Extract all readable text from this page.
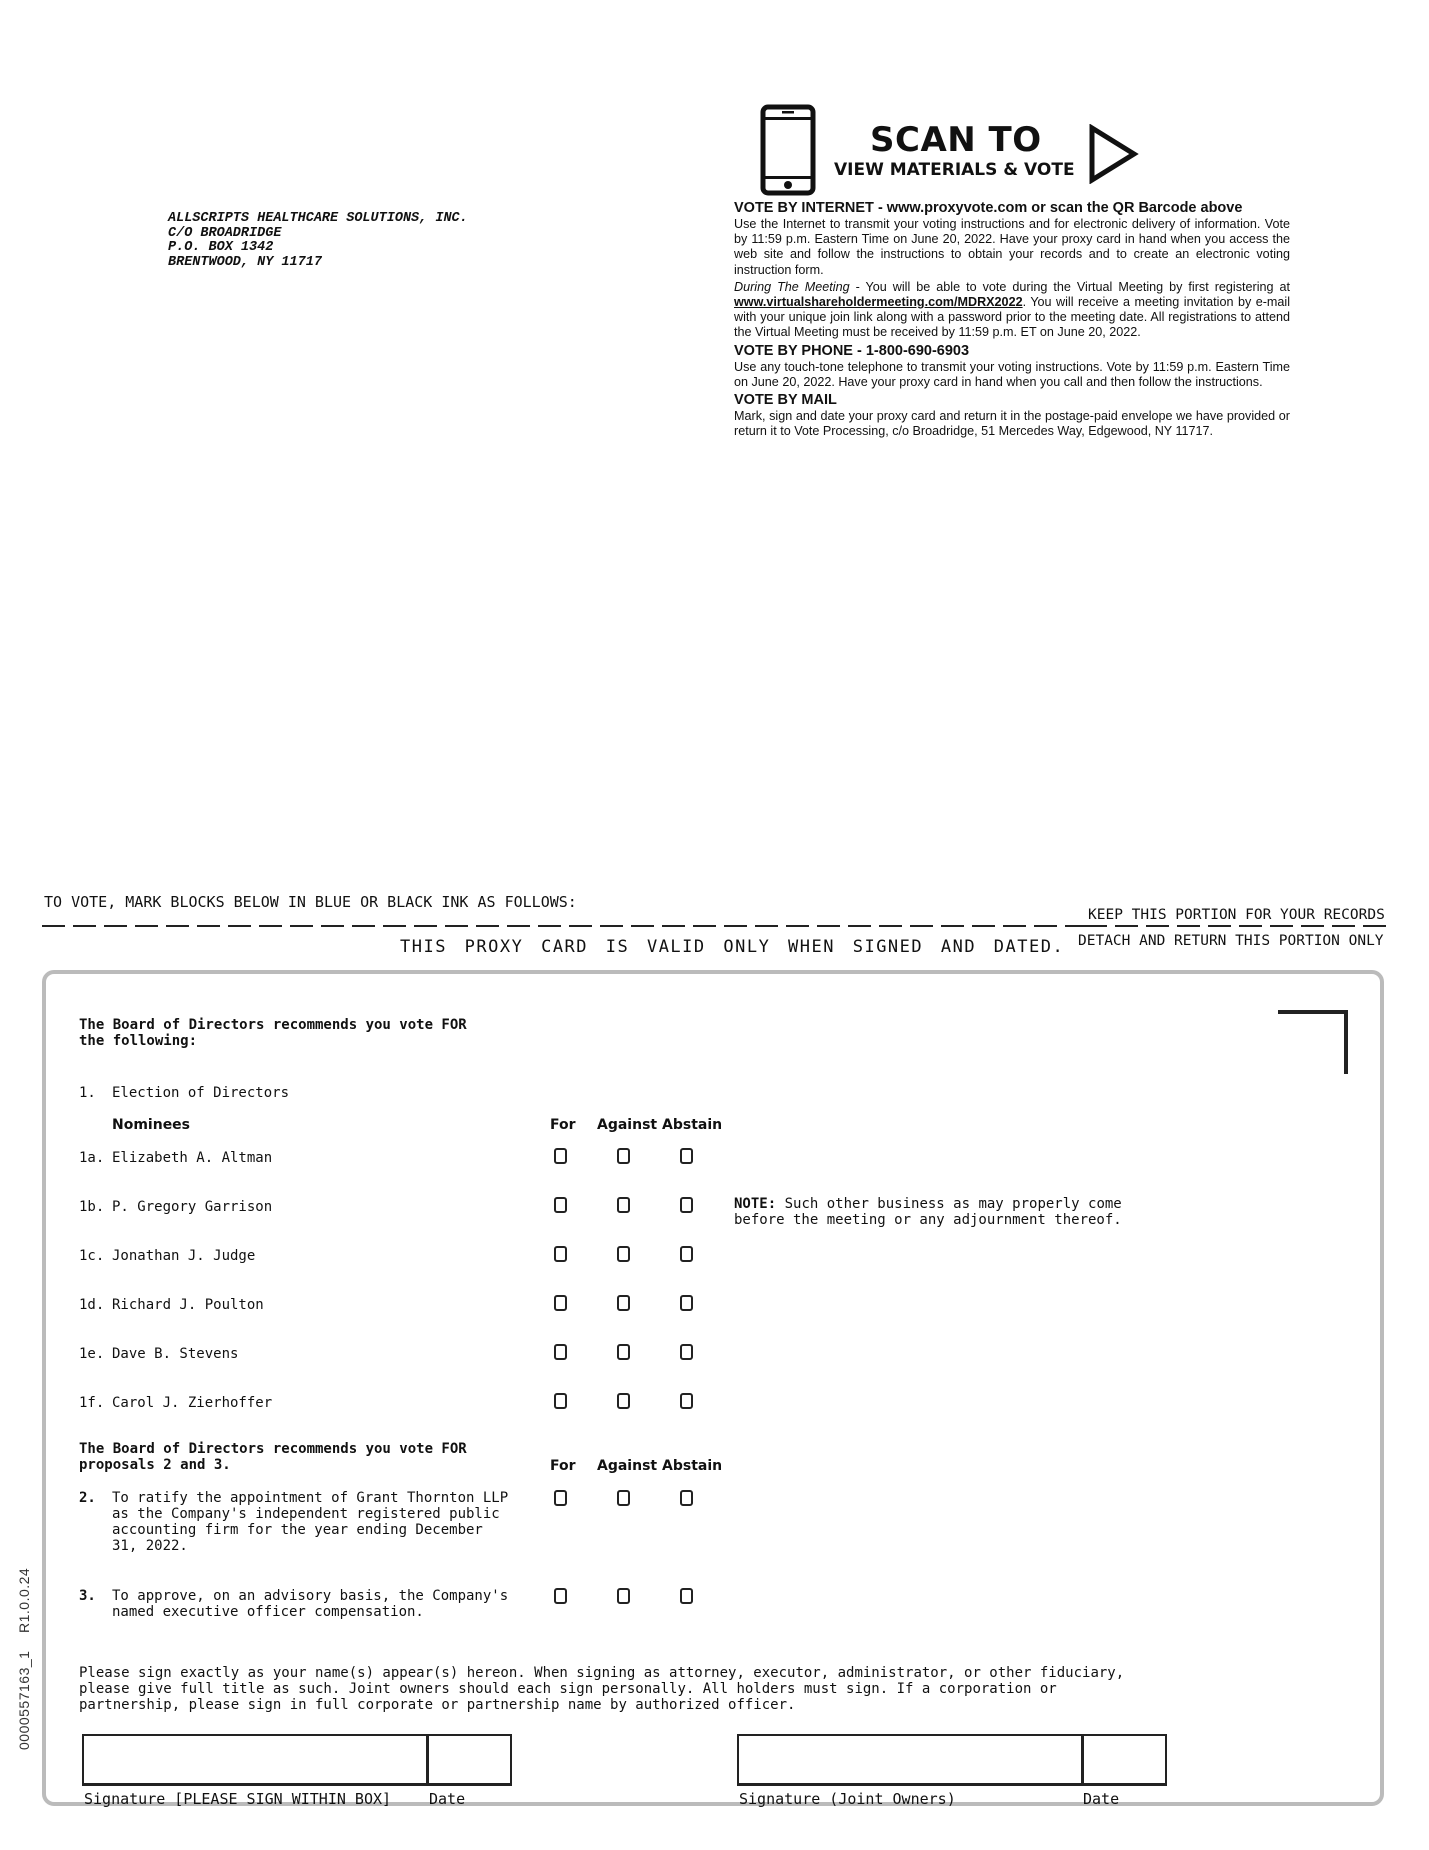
ALLSCRIPTS HEALTHCARE SOLUTIONS, INC.
C/O BROADRIDGE
P.O. BOX 1342
BRENTWOOD, NY 11717
SCAN TO
VIEW MATERIALS & VOTE
VOTE BY INTERNET - www.proxyvote.com or scan the QR Barcode above

Use the Internet to transmit your voting instructions and for electronic delivery of information. Vote by 11:59 p.m. Eastern Time on June 20, 2022. Have your proxy card in hand when you access the web site and follow the instructions to obtain your records and to create an electronic voting instruction form.

During The Meeting - You will be able to vote during the Virtual Meeting by first registering at www.virtualshareholdermeeting.com/MDRX2022. You will receive a meeting invitation by e-mail with your unique join link along with a password prior to the meeting date. All registrations to attend the Virtual Meeting must be received by 11:59 p.m. ET on June 20, 2022.

VOTE BY PHONE - 1-800-690-6903

Use any touch-tone telephone to transmit your voting instructions. Vote by 11:59 p.m. Eastern Time on June 20, 2022. Have your proxy card in hand when you call and then follow the instructions.

VOTE BY MAIL

Mark, sign and date your proxy card and return it in the postage-paid envelope we have provided or return it to Vote Processing, c/o Broadridge, 51 Mercedes Way, Edgewood, NY 11717.

TO VOTE, MARK BLOCKS BELOW IN BLUE OR BLACK INK AS FOLLOWS:
KEEP THIS PORTION FOR YOUR RECORDS
DETACH AND RETURN THIS PORTION ONLY
THIS PROXY CARD IS VALID ONLY WHEN SIGNED AND DATED.
The Board of Directors recommends you vote FOR
the following:
1. Election of Directors
Nominees	For Against Abstain
1a. Elizabeth A. Altman
1b. P. Gregory Garrison
1c. Jonathan J. Judge
1d. Richard J. Poulton
1e. Dave B. Stevens
1f. Carol J. Zierhoffer
NOTE: Such other business as may properly come
before the meeting or any adjournment thereof.
The Board of Directors recommends you vote FOR
proposals 2 and 3.	For Against Abstain
2. To ratify the appointment of Grant Thornton LLP
as the Company's independent registered public
accounting firm for the year ending December
31, 2022.
3. To approve, on an advisory basis, the Company's
named executive officer compensation.
Please sign exactly as your name(s) appear(s) hereon. When signing as attorney, executor, administrator, or other fiduciary,
please give full title as such. Joint owners should each sign personally. All holders must sign. If a corporation or
partnership, please sign in full corporate or partnership name by authorized officer.
Signature [PLEASE SIGN WITHIN BOX]	Date	Signature (Joint Owners)	Date
0000557163_1    R1.0.0.24
